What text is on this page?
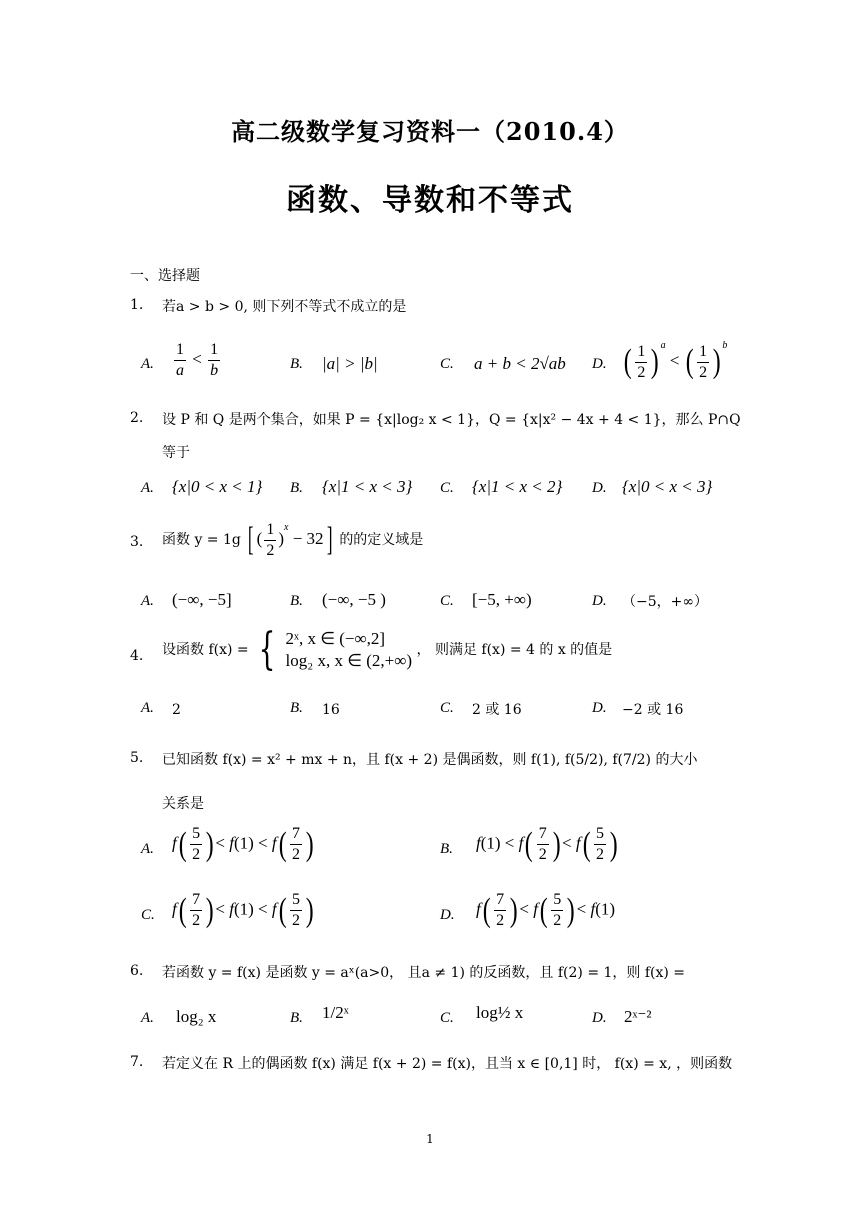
高二级数学复习资料一（2010.4）
函数、导数和不等式
一、选择题
1. 若a > b > 0, 则下列不等式不成立的是
A. $\frac{1}{a} < \frac{1}{b}$	B. |a| > |b|	C. a + b < 2√ab D. ( $\frac{1}{2}$ ) $^a$ < ( $\frac{1}{2}$ ) $^b$
2. 设 P 和 Q 是两个集合，如果 P = {x|log₂ x < 1}，Q = {x|x² − 4x + 4 < 1}，那么 P∩Q
等于
A. {x|0 < x < 1} B. {x|1 < x < 3} C. {x|1 < x < 2} D. {x|0 < x < 3}
3. 函数 y = 1g [ ( $\frac{1}{2} )^x - 32$] 的的定义域是
A. (−∞, −5]	B. (−∞, −5 )	C. [−5, +∞)	D. （−5，+∞）
4. 设函数 f(x) = { 2ˣ, x ∈ (−∞,2]
log₂ x, x ∈ (2,+∞)
， 则满足 f(x) = 4 的 x 的值是
A. 2	B. 16	C. 2 或 16	D. −2 或 16
5. 已知函数 f(x) = x² + mx + n，且 f(x + 2) 是偶函数，则 f(1), f(5/2), f(7/2) 的大小
关系是
A. $f( \frac{5}{2}$ )< $f(1) < f( \frac{7}{2}$ )	B. $f(1) < f( \frac{7}{2}$ )< $f( \frac{5}{2}$ )
C. $f( \frac{7}{2}$ )< $f(1) < f( \frac{5}{2}$ )	D. $f( \frac{7}{2}$ )< $f( \frac{5}{2}$ )< f(1)
6. 若函数 y = f(x) 是函数 y = aˣ(a>0， 且a ≠ 1) 的反函数，且 f(2) = 1，则 f(x) =
A. log₂ x	B. 1/2ˣ	C. log½ x	D. 2ˣ⁻²
7. 若定义在 R 上的偶函数 f(x) 满足 f(x + 2) = f(x)，且当 x ∈ [0,1] 时， f(x) = x, ，则函数
1
